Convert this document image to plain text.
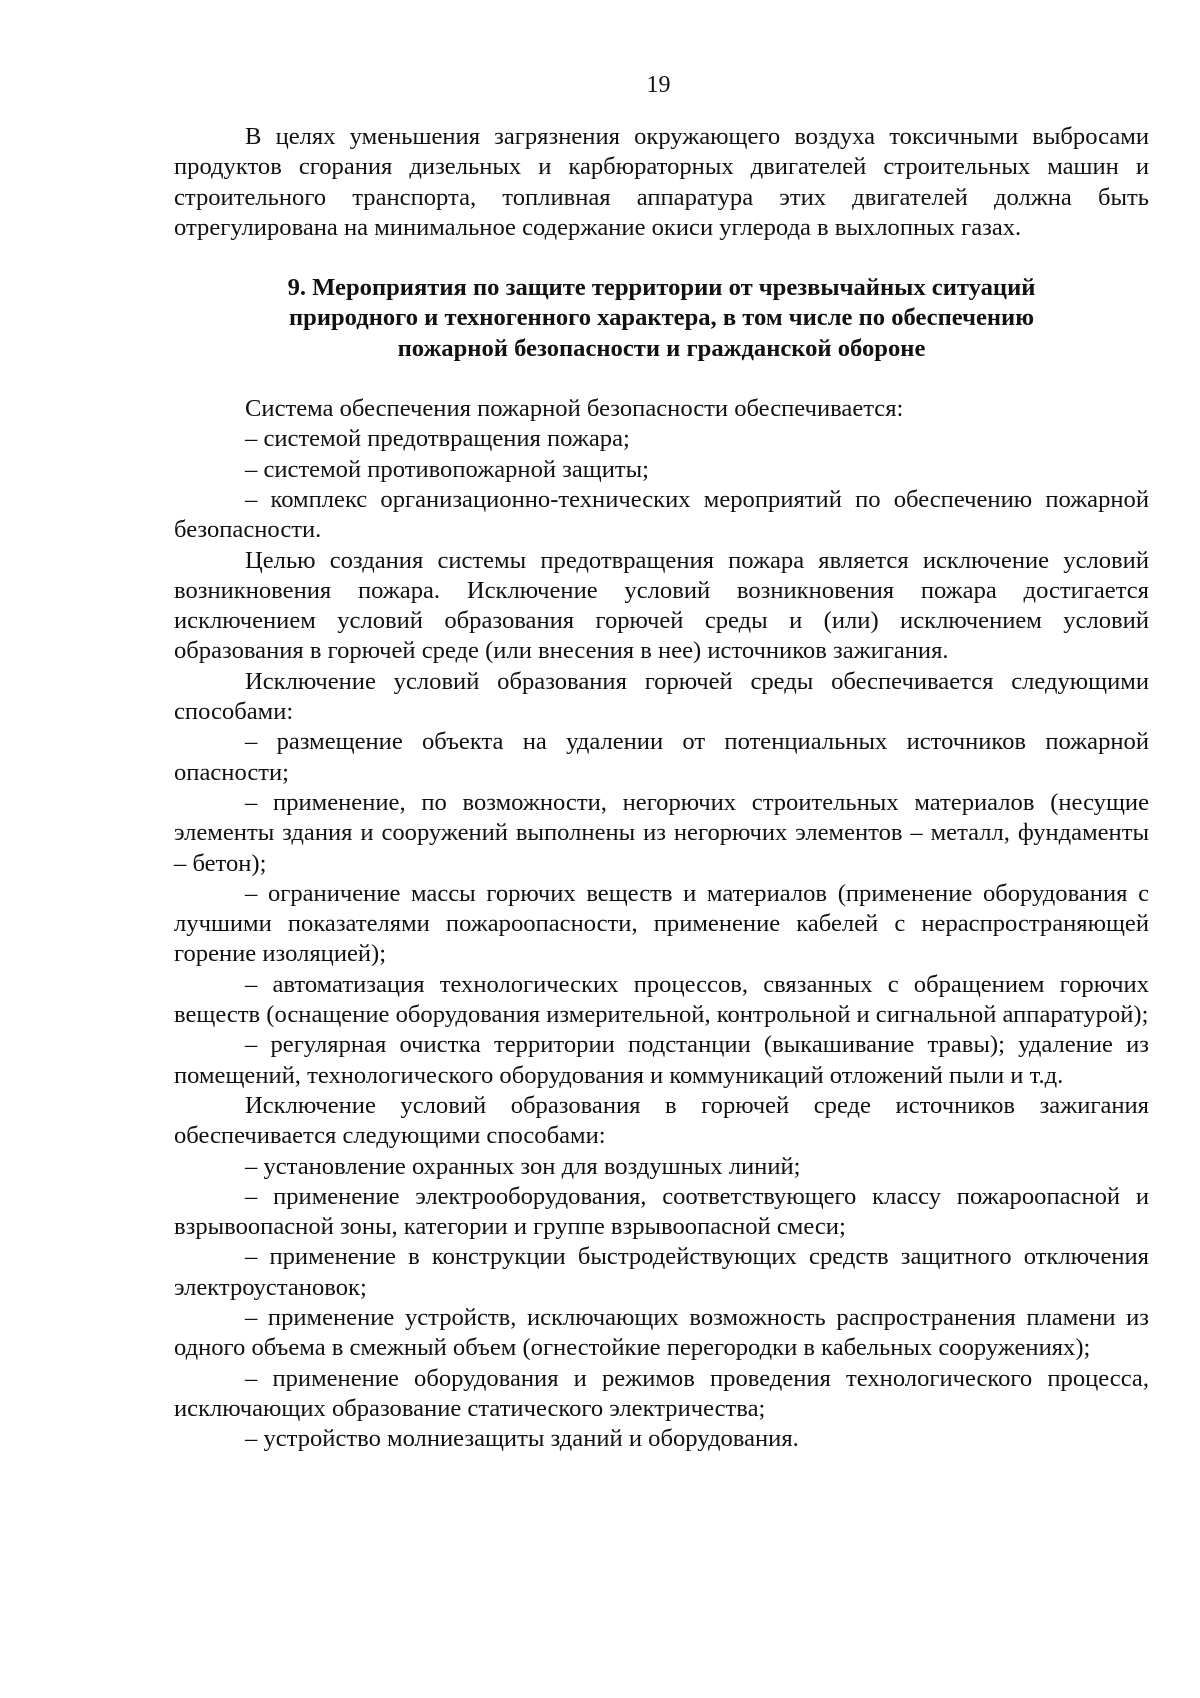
19

В целях уменьшения загрязнения окружающего воздуха токсичными выбросами продуктов сгорания дизельных и карбюраторных двигателей строительных машин и строительного транспорта, топливная аппаратура этих двигателей должна быть отрегулирована на минимальное содержание окиси углерода в выхлопных газах.

9. Мероприятия по защите территории от чрезвычайных ситуаций
природного и техногенного характера, в том числе по обеспечению
пожарной безопасности и гражданской обороне

Система обеспечения пожарной безопасности обеспечивается:

– системой предотвращения пожара;

– системой противопожарной защиты;

– комплекс организационно-технических мероприятий по обеспечению пожарной безопасности.

Целью создания системы предотвращения пожара является исключение условий возникновения пожара. Исключение условий возникновения пожара достигается исключением условий образования горючей среды и (или) исключением условий образования в горючей среде (или внесения в нее) источников зажигания.

Исключение условий образования горючей среды обеспечивается следующими способами:

– размещение объекта на удалении от потенциальных источников пожарной опасности;

– применение, по возможности, негорючих строительных материалов (несущие элементы здания и сооружений выполнены из негорючих элементов – металл, фундаменты – бетон);

– ограничение массы горючих веществ и материалов (применение оборудования с лучшими показателями пожароопасности, применение кабелей с нераспространяющей горение изоляцией);

– автоматизация технологических процессов, связанных с обращением горючих веществ (оснащение оборудования измерительной, контрольной и сигнальной аппаратурой);

– регулярная очистка территории подстанции (выкашивание травы); удаление из помещений, технологического оборудования и коммуникаций отложений пыли и т.д.

Исключение условий образования в горючей среде источников зажигания обеспечивается следующими способами:

– установление охранных зон для воздушных линий;

– применение электрооборудования, соответствующего классу пожароопасной и взрывоопасной зоны, категории и группе взрывоопасной смеси;

– применение в конструкции быстродействующих средств защитного отключения электроустановок;

– применение устройств, исключающих возможность распространения пламени из одного объема в смежный объем (огнестойкие перегородки в кабельных сооружениях);

– применение оборудования и режимов проведения технологического процесса, исключающих образование статического электричества;

– устройство молниезащиты зданий и оборудования.
